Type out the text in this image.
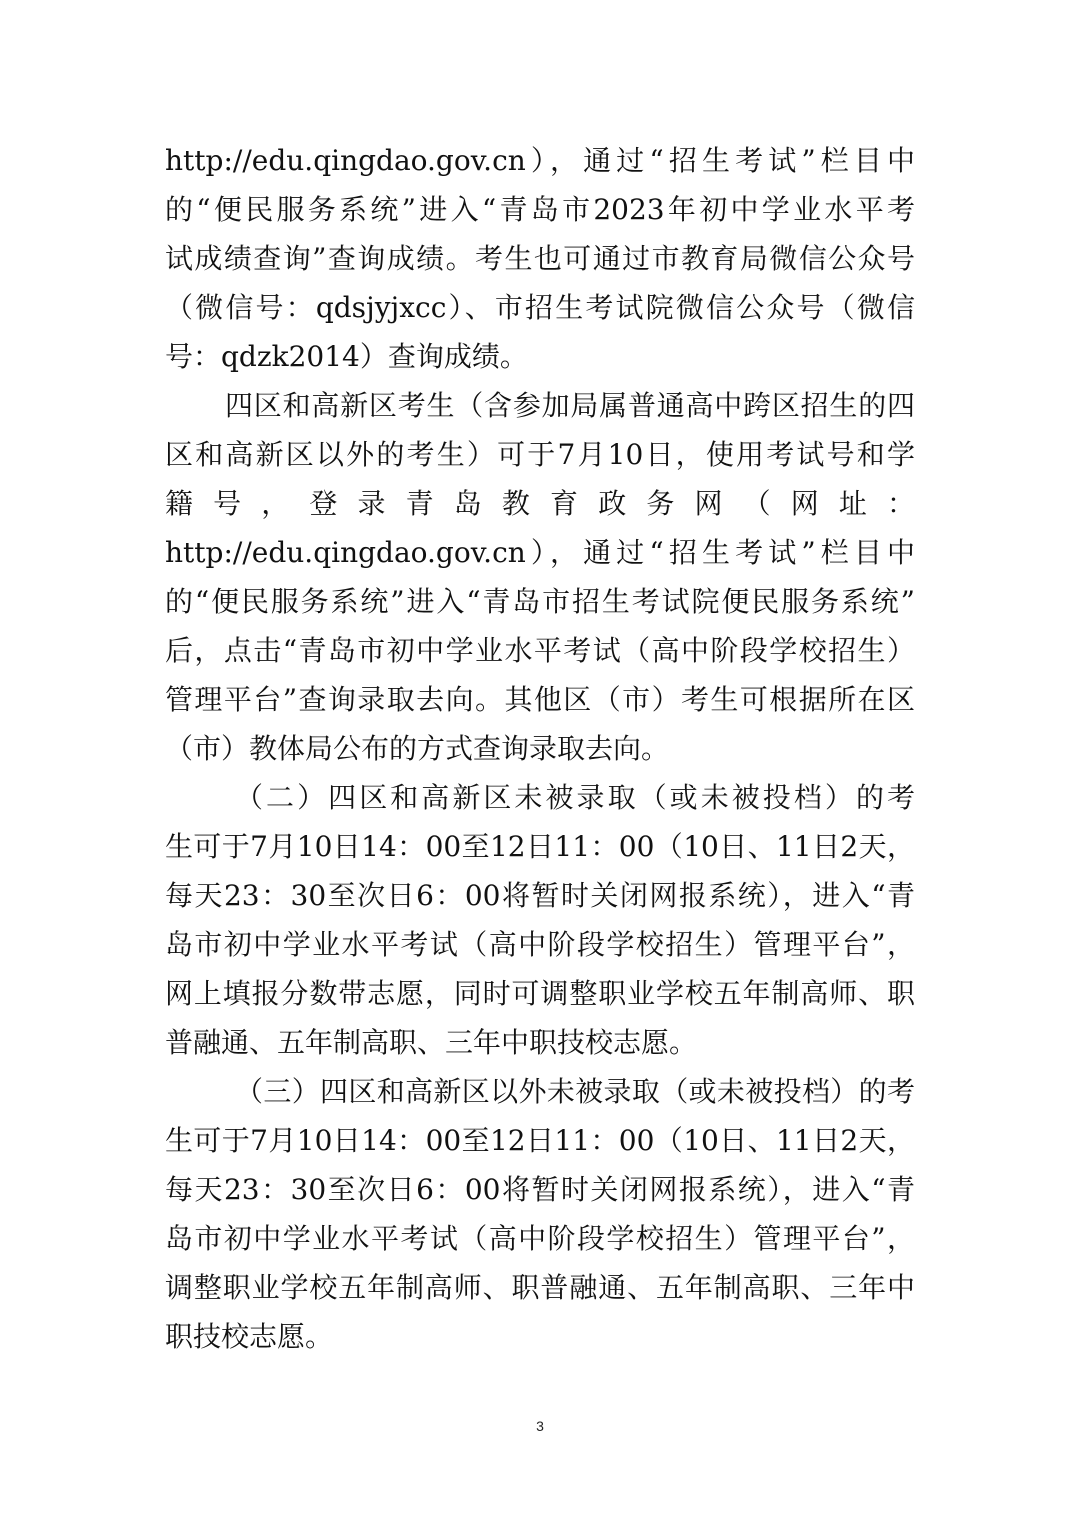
http://edu.qingdao.gov.cn），通过“招生考试”栏目中
的“便民服务系统”进入“青岛市2023年初中学业水平考
试成绩查询”查询成绩。考生也可通过市教育局微信公众号
（微信号：qdsjyjxcc）、市招生考试院微信公众号（微信
号：qdzk2014）查询成绩。
四区和高新区考生（含参加局属普通高中跨区招生的四
区和高新区以外的考生）可于7月10日，使用考试号和学
籍 号 ， 登 录 青 岛 教 育 政 务 网 （ 网 址 ：
http://edu.qingdao.gov.cn），通过“招生考试”栏目中
的“便民服务系统”进入“青岛市招生考试院便民服务系统”
后，点击“青岛市初中学业水平考试（高中阶段学校招生）
管理平台”查询录取去向。其他区（市）考生可根据所在区
（市）教体局公布的方式查询录取去向。
（二）四区和高新区未被录取（或未被投档）的考
生可于7月10日14：00至12日11：00（10日、11日2天，
每天23：30至次日6：00将暂时关闭网报系统），进入“青
岛市初中学业水平考试（高中阶段学校招生）管理平台”，
网上填报分数带志愿，同时可调整职业学校五年制高师、职
普融通、五年制高职、三年中职技校志愿。
（三）四区和高新区以外未被录取（或未被投档）的考
生可于7月10日14：00至12日11：00（10日、11日2天，
每天23：30至次日6：00将暂时关闭网报系统），进入“青
岛市初中学业水平考试（高中阶段学校招生）管理平台”，
调整职业学校五年制高师、职普融通、五年制高职、三年中
职技校志愿。
3
